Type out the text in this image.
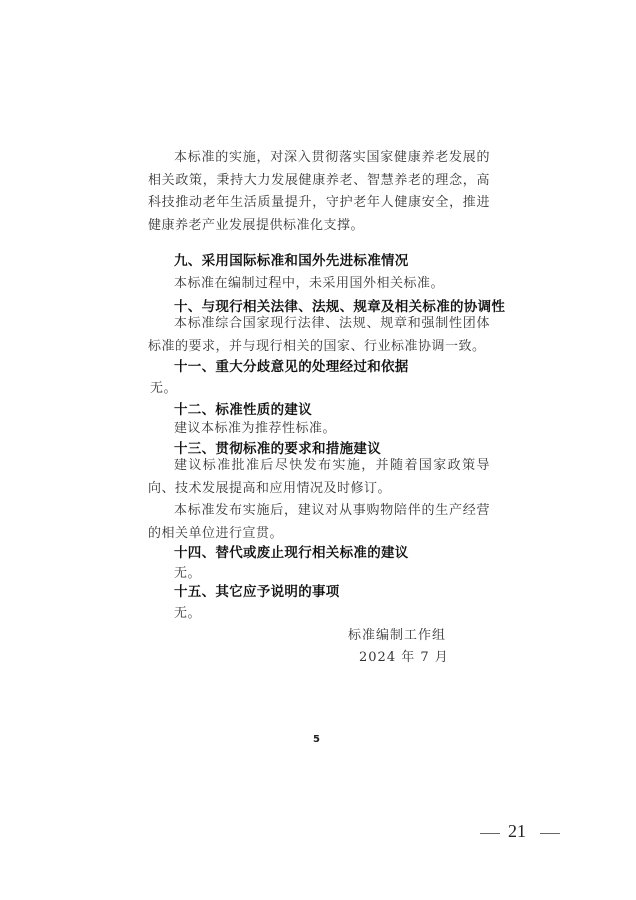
本标准的实施，对深入贯彻落实国家健康养老发展的相关政策，秉持大力发展健康养老、智慧养老的理念，高科技推动老年生活质量提升，守护老年人健康安全，推进健康养老产业发展提供标准化支撑。
九、采用国际标准和国外先进标准情况
本标准在编制过程中，未采用国外相关标准。
十、与现行相关法律、法规、规章及相关标准的协调性
本标准综合国家现行法律、法规、规章和强制性团体标准的要求，并与现行相关的国家、行业标准协调一致。
十一、重大分歧意见的处理经过和依据
无。
十二、标准性质的建议
建议本标准为推荐性标准。
十三、贯彻标准的要求和措施建议
建议标准批准后尽快发布实施，并随着国家政策导向、技术发展提高和应用情况及时修订。
本标准发布实施后，建议对从事购物陪伴的生产经营的相关单位进行宣贯。
十四、替代或废止现行相关标准的建议
无。
十五、其它应予说明的事项
无。
标准编制工作组
2024 年 7 月
5
21
